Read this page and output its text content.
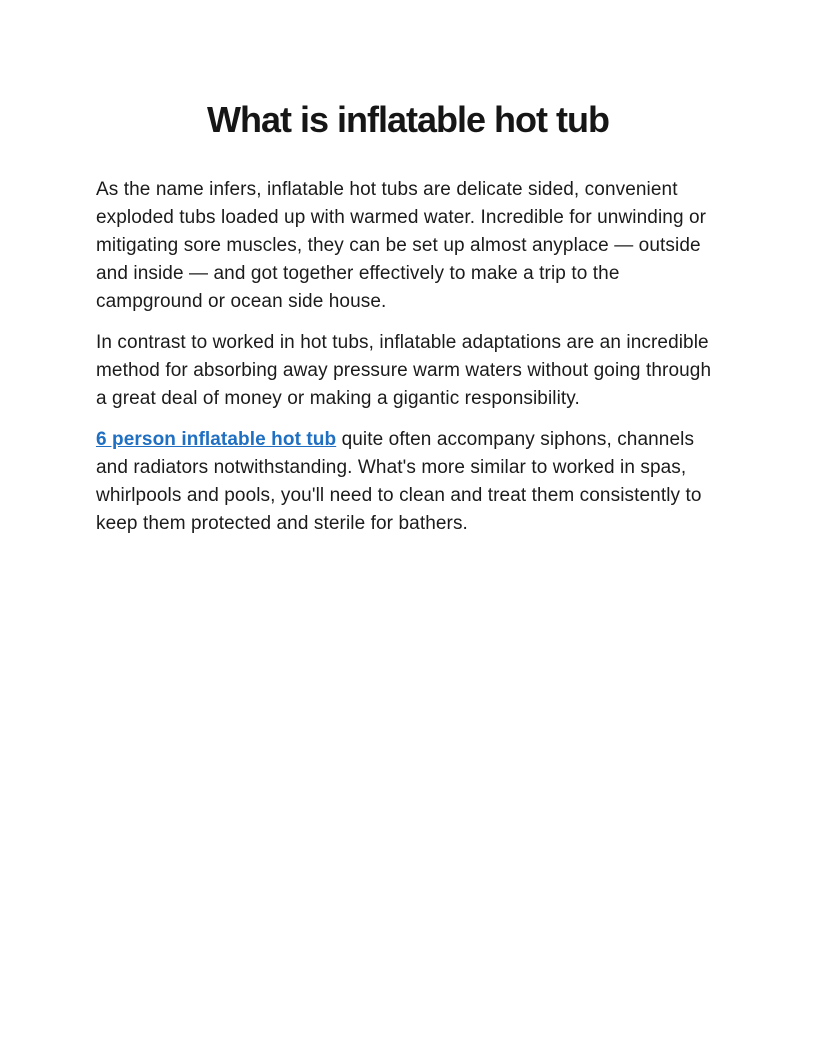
What is inflatable hot tub

As the name infers, inflatable hot tubs are delicate sided, convenient exploded tubs loaded up with warmed water. Incredible for unwinding or mitigating sore muscles, they can be set up almost anyplace — outside and inside — and got together effectively to make a trip to the campground or ocean side house.

In contrast to worked in hot tubs, inflatable adaptations are an incredible method for absorbing away pressure warm waters without going through a great deal of money or making a gigantic responsibility.

6 person inflatable hot tub quite often accompany siphons, channels and radiators notwithstanding. What's more similar to worked in spas, whirlpools and pools, you'll need to clean and treat them consistently to keep them protected and sterile for bathers.
